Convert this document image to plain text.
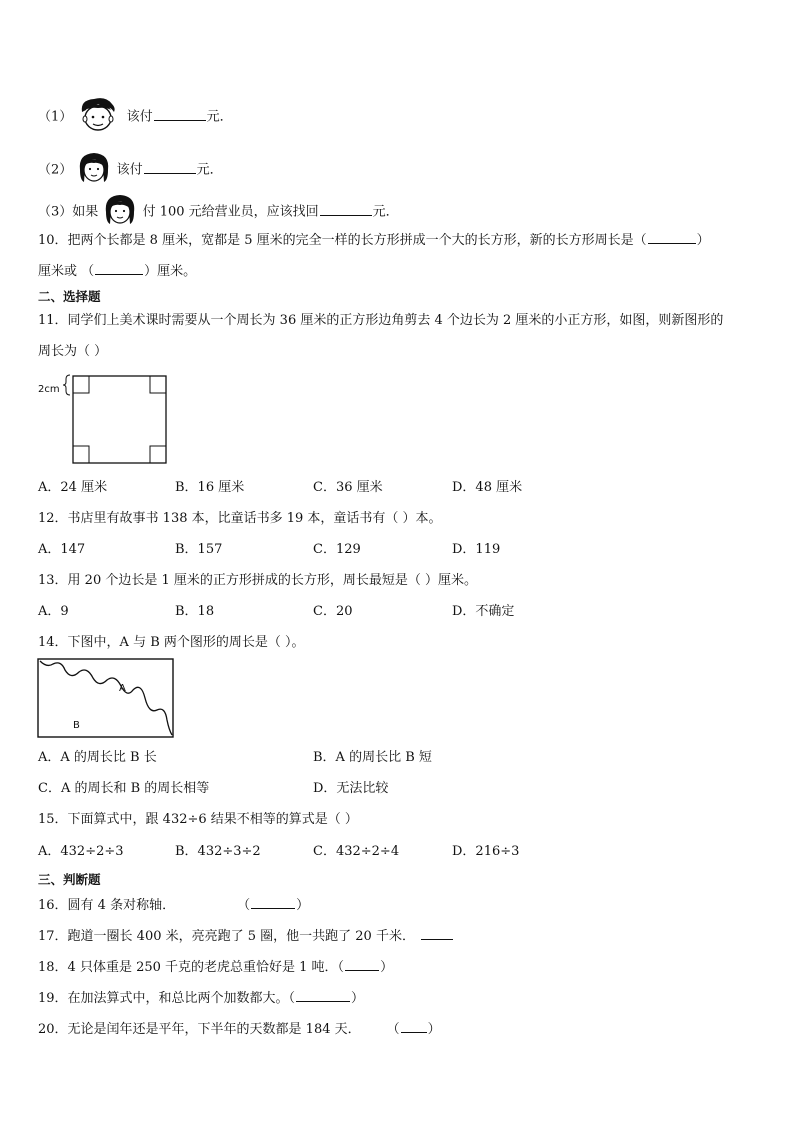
（1）	该付	元．
（2）	该付	元．
（3）如果	付 100 元给营业员，应该找回	元．
10．把两个长都是 8 厘米，宽都是 5 厘米的完全一样的长方形拼成一个大的长方形，新的长方形周长是（	）
厘米或 （	）厘米。
二、选择题
11．同学们上美术课时需要从一个周长为 36 厘米的正方形边角剪去 4 个边长为 2 厘米的小正方形，如图，则新图形的
周长为（ ）
2cm
A．24 厘米	B．16 厘米	C．36 厘米	D．48 厘米
12．书店里有故事书 138 本，比童话书多 19 本，童话书有（ ）本。
A．147	B．157	C．129	D．119
13．用 20 个边长是 1 厘米的正方形拼成的长方形，周长最短是（ ）厘米。
A．9	B．18	C．20	D．不确定
14．下图中，A 与 B 两个图形的周长是（ ）。
A
B
A．A 的周长比 B 长	B．A 的周长比 B 短
C．A 的周长和 B 的周长相等	D．无法比较
15．下面算式中，跟 432÷6 结果不相等的算式是（ ）
A．432÷2÷3	B．432÷3÷2	C．432÷2÷4	D．216÷3
三、判断题
16．圆有 4 条对称轴．	（	）
17．跑道一圈长 400 米，亮亮跑了 5 圈，他一共跑了 20 千米．
18．4 只体重是 250 千克的老虎总重恰好是 1 吨．（	）
19．在加法算式中，和总比两个加数都大。（	）
20．无论是闰年还是平年，下半年的天数都是 184 天． （ ）
